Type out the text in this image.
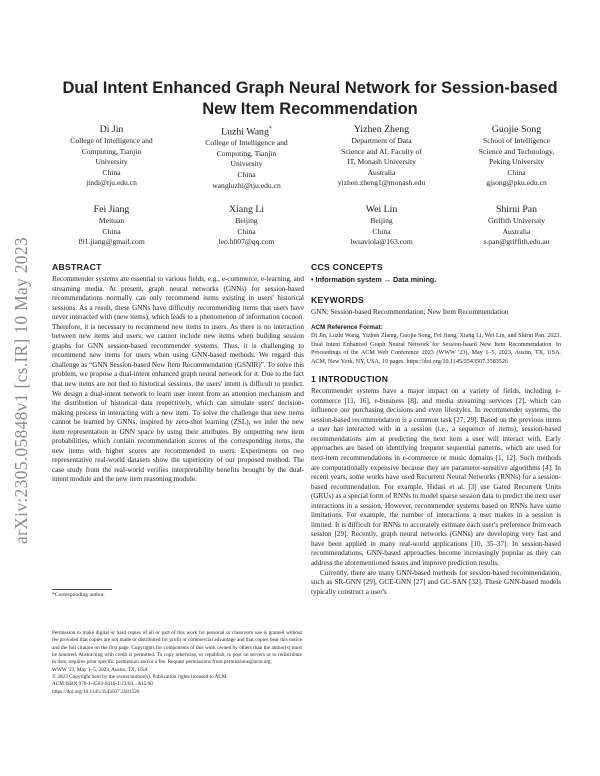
arXiv:2305.05848v1 [cs.IR] 10 May 2023
Dual Intent Enhanced Graph Neural Network for Session-based
New Item Recommendation
Di Jin
College of Intelligence and
Computing, Tianjin
University
China
jindi@tju.edu.cn
Luzhi Wang*
College of Intelligence and
Computing, Tianjin
University
China
wangluzhi@tju.edu.cn
Yizhen Zheng
Department of Data
Science and AI, Faculty of
IT, Monash University
Australia
yizhen.zheng1@monash.edu
Guojie Song
School of Intelligence
Science and Technology,
Peking University
China
gjsong@pku.edu.cn
Fei Jiang
Meituan
China
f91.jiang@gmail.com
Xiang Li
Beijing
China
leo.h007@qq.com
Wei Lin
Beijing
China
lwsaviola@163.com
Shirui Pan
Griffith University
Australia
s.pan@griffith.edu.au
ABSTRACT

Recommender systems are essential to various fields, e.g., e-commerce, e-learning, and streaming media. At present, graph neural networks (GNNs) for session-based recommendations normally can only recommend items existing in users' historical sessions. As a result, these GNNs have difficulty recommending items that users have never interacted with (new items), which leads to a phenomenon of information cocoon. Therefore, it is necessary to recommend new items to users. As there is no interaction between new items and users, we cannot include new items when building session graphs for GNN session-based recommender systems. Thus, it is challenging to recommend new items for users when using GNN-based methods. We regard this challenge as “GNN Session-based New Item Recommendation (GSNIR)”. To solve this problem, we propose a dual-intent enhanced graph neural network for it. Due to the fact that new items are not tied to historical sessions, the users' intent is difficult to predict. We design a dual-intent network to learn user intent from an attention mechanism and the distribution of historical data respectively, which can simulate users' decision-making process in interacting with a new item. To solve the challenge that new items cannot be learned by GNNs, inspired by zero-shot learning (ZSL), we infer the new item representation in GNN space by using their attributes. By outputting new item probabilities, which contain recommendation scores of the corresponding items, the new items with higher scores are recommended to users. Experiments on two representative real-world datasets show the superiority of our proposed method. The case study from the real-world verifies interpretability benefits brought by the dual-intent module and the new item reasoning module.

*Corresponding author.

Permission to make digital or hard copies of all or part of this work for personal or classroom use is granted without fee provided that copies are not made or distributed for profit or commercial advantage and that copies bear this notice and the full citation on the first page. Copyrights for components of this work owned by others than the author(s) must be honored. Abstracting with credit is permitted. To copy otherwise, or republish, to post on servers or to redistribute to lists, requires prior specific permission and/or a fee. Request permissions from permissions@acm.org.

WWW '23, May 1–5, 2023, Austin, TX, USA

© 2023 Copyright held by the owner/author(s). Publication rights licensed to ACM.

ACM ISBN 978-1-4503-9416-1/23/04... $15.00

https://doi.org/10.1145/3543507.3583526

CCS CONCEPTS

• Information system → Data mining.

KEYWORDS

GNN; Session-based Recommendation; New Item Recommendation

ACM Reference Format:

Di Jin, Luzhi Wang, Yizhen Zheng, Guojie Song, Fei Jiang, Xiang Li, Wei Lin, and Shirui Pan. 2023. Dual Intent Enhanced Graph Neural Network for Session-based New Item Recommendation. In Proceedings of the ACM Web Conference 2023 (WWW '23), May 1–5, 2023, Austin, TX, USA. ACM, New York, NY, USA, 10 pages. https://doi.org/10.1145/3543507.3583526

1 INTRODUCTION

Recommender systems have a major impact on a variety of fields, including e-commerce [11, 16], e-business [8], and media streaming services [2], which can influence our purchasing decisions and even lifestyles. In recommender systems, the session-based recommendation is a common task [27, 29]. Based on the previous items a user has interacted with in a session (i.e., a sequence of items), session-based recommendations aim at predicting the next item a user will interact with. Early approaches are based on identifying frequent sequential patterns, which are used for next-item recommendations in e-commerce or music domains [1, 12]. Such methods are computationally expensive because they are parameter-sensitive algorithms [4]. In recent years, some works have used Recurrent Neural Networks (RNNs) for a session-based recommendation. For example, Hidasi et al. [3] use Gated Recurrent Units (GRUs) as a special form of RNNs to model sparse session data to predict the next user interactions in a session. However, recommender systems based on RNNs have some limitations. For example, the number of interactions a user makes in a session is limited. It is difficult for RNNs to accurately estimate each user's preference from each session [29]. Recently, graph neural networks (GNNs) are developing very fast and have been applied in many real-world applications [10, 35–37]. In session-based recommendations, GNN-based approaches become increasingly popular as they can address the aforementioned issues and improve prediction results.

Currently, there are many GNN-based methods for session-based recommendation, such as SR-GNN [29], GCE-GNN [27] and GC-SAN [32]. These GNN-based models typically construct a user's
